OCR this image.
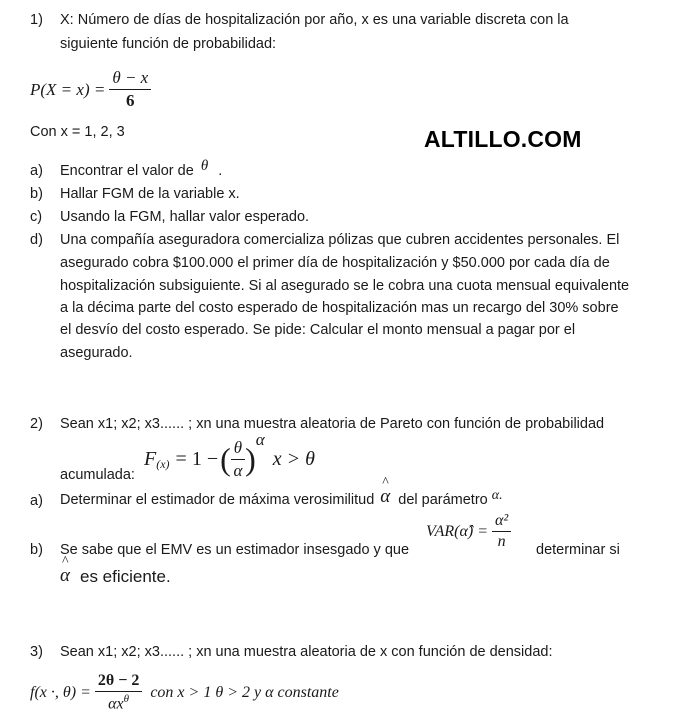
1) X: Número de días de hospitalización por año, x es una variable discreta con la
siguiente función de probabilidad:
$P(X = x) = \frac{\theta - x}{6}$
Con x = 1, 2, 3	ALTILLO.COM
a) Encontrar el valor de θ .
b) Hallar FGM de la variable x.
c) Usando la FGM, hallar valor esperado.
d) Una compañía aseguradora comercializa pólizas que cubren accidentes personales. El
asegurado cobra $100.000 el primer día de hospitalización y $50.000 por cada día de
hospitalización subsiguiente. Si al asegurado se le cobra una cuota mensual equivalente
a la décima parte del costo esperado de hospitalización mas un recargo del 30% sobre
el desvío del costo esperado. Se pide: Calcular el monto mensual a pagar por el
asegurado.
2) Sean x1; x2; x3...... ; xn una muestra aleatoria de Pareto con función de probabilidad
acumulada:
F (x) = 1 − ( $\frac{\theta}{\alpha}$ )
α
x > θ
a) Determinar el estimador de máxima verosimilitud
^ α del parámetro α.
b) Se sabe que el EMV es un estimador insesgado y que
VAR(α̂) = $\frac{\text{α²}}{n}$ determinar si
^ α es eficiente.
3) Sean x1; x2; x3...... ; xn una muestra aleatoria de x con función de densidad:
f(x ·, $\theta) = \frac{2\theta - 2}{\alpha x^\theta}$ con x > 1 θ > 2 y α constante
